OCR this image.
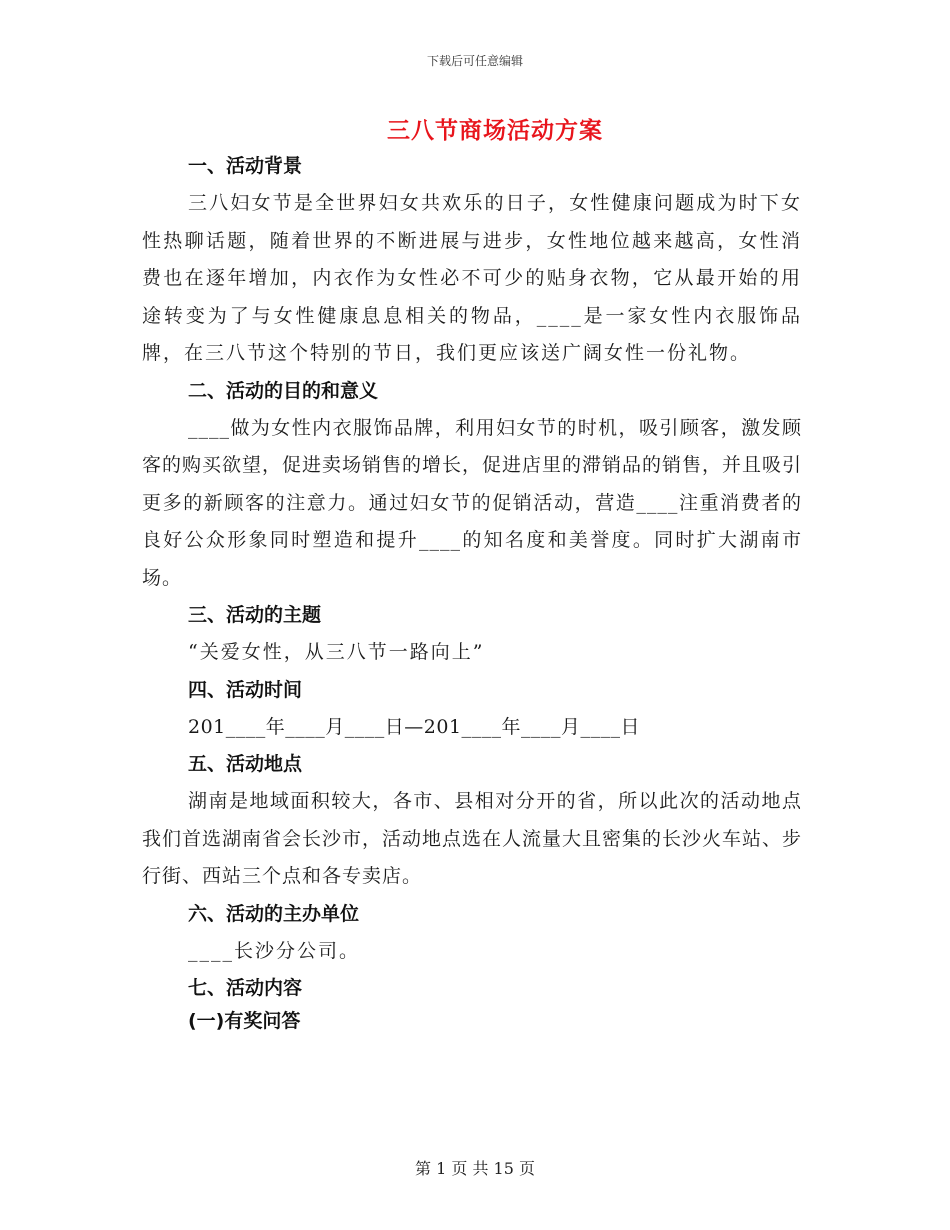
下载后可任意编辑
三八节商场活动方案
一、活动背景

三八妇女节是全世界妇女共欢乐的日子，女性健康问题成为时下女性热聊话题，随着世界的不断进展与进步，女性地位越来越高，女性消费也在逐年增加，内衣作为女性必不可少的贴身衣物，它从最开始的用途转变为了与女性健康息息相关的物品，____是一家女性内衣服饰品牌，在三八节这个特别的节日，我们更应该送广阔女性一份礼物。

二、活动的目的和意义

____做为女性内衣服饰品牌，利用妇女节的时机，吸引顾客，激发顾客的购买欲望，促进卖场销售的增长，促进店里的滞销品的销售，并且吸引更多的新顾客的注意力。通过妇女节的促销活动，营造____注重消费者的良好公众形象同时塑造和提升____的知名度和美誉度。同时扩大湖南市场。

三、活动的主题

“关爱女性，从三八节一路向上”

四、活动时间

201____年____月____日—201____年____月____日

五、活动地点

湖南是地域面积较大，各市、县相对分开的省，所以此次的活动地点我们首选湖南省会长沙市，活动地点选在人流量大且密集的长沙火车站、步行街、西站三个点和各专卖店。

六、活动的主办单位

____长沙分公司。

七、活动内容
(一)有奖问答
第 1 页 共 15 页
